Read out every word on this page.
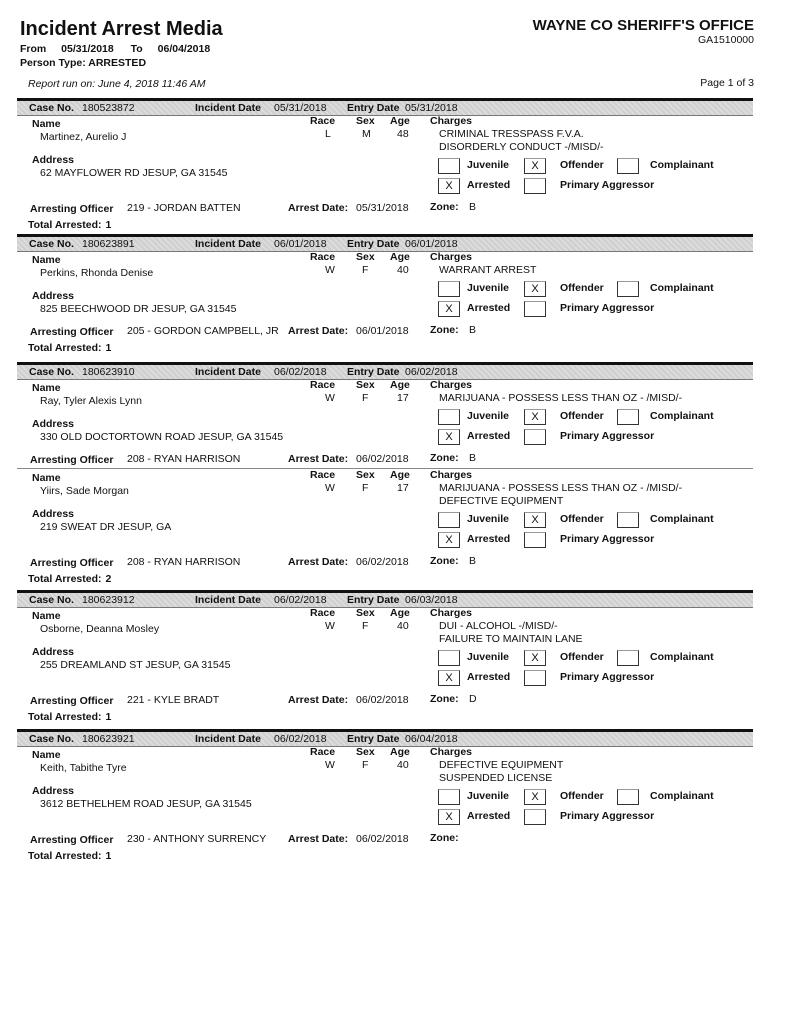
Incident Arrest Media
From 05/31/2018 To 06/04/2018
Person Type: ARRESTED
Report run on: June 4, 2018 11:46 AM
WAYNE CO SHERIFF'S OFFICE
GA1510000
Page 1 of 3
Case No. 180523872	Incident Date 05/31/2018 Entry Date 05/31/2018
Name	Race Sex Age Charges
Martinez, Aurelio J	L	M	48	CRIMINAL TRESSPASS F.V.A.
DISORDERLY CONDUCT -/MISD/-
Juvenile	X	Offender	Complainant
X	Arrested	Primary Aggressor
Address
62 MAYFLOWER RD JESUP, GA 31545
Arresting Officer 219 - JORDAN BATTEN	Arrest Date: 05/31/2018 Zone: B
Total Arrested: 1
Case No. 180623891	Incident Date 06/01/2018 Entry Date 06/01/2018
Name	Race Sex Age Charges
Perkins, Rhonda Denise	W	F	40	WARRANT ARREST
Juvenile	X	Offender	Complainant
X	Arrested	Primary Aggressor
Address
825 BEECHWOOD DR JESUP, GA 31545
Arresting Officer 205 - GORDON CAMPBELL, JR Arrest Date: 06/01/2018 Zone: B
Total Arrested: 1
Case No. 180623910	Incident Date 06/02/2018 Entry Date 06/02/2018
Name	Race Sex Age Charges
Ray, Tyler Alexis Lynn	W	F	17	MARIJUANA - POSSESS LESS THAN OZ - /MISD/-
Juvenile	X	Offender	Complainant
X	Arrested	Primary Aggressor
Address
330 OLD DOCTORTOWN ROAD JESUP, GA 31545
Arresting Officer 208 - RYAN HARRISON	Arrest Date: 06/02/2018 Zone: B
Name	Race Sex Age Charges
Yiirs, Sade Morgan	W	F	17	MARIJUANA - POSSESS LESS THAN OZ - /MISD/-
DEFECTIVE EQUIPMENT
Juvenile	X	Offender	Complainant
X	Arrested	Primary Aggressor
Address
219 SWEAT DR JESUP, GA
Arresting Officer 208 - RYAN HARRISON	Arrest Date: 06/02/2018 Zone: B
Total Arrested: 2
Case No. 180623912	Incident Date 06/02/2018 Entry Date 06/03/2018
Name	Race Sex Age Charges
Osborne, Deanna Mosley	W	F	40	DUI - ALCOHOL -/MISD/-
FAILURE TO MAINTAIN LANE
Juvenile	X	Offender	Complainant
X	Arrested	Primary Aggressor
Address
255 DREAMLAND ST JESUP, GA 31545
Arresting Officer 221 - KYLE BRADT	Arrest Date: 06/02/2018 Zone: D
Total Arrested: 1
Case No. 180623921	Incident Date 06/02/2018 Entry Date 06/04/2018
Name	Race Sex Age Charges
Keith, Tabithe Tyre	W	F	40	DEFECTIVE EQUIPMENT
SUSPENDED LICENSE
Juvenile	X	Offender	Complainant
X	Arrested	Primary Aggressor
Address
3612 BETHELHEM ROAD JESUP, GA 31545
Arresting Officer 230 - ANTHONY SURRENCY Arrest Date: 06/02/2018 Zone:
Total Arrested: 1
